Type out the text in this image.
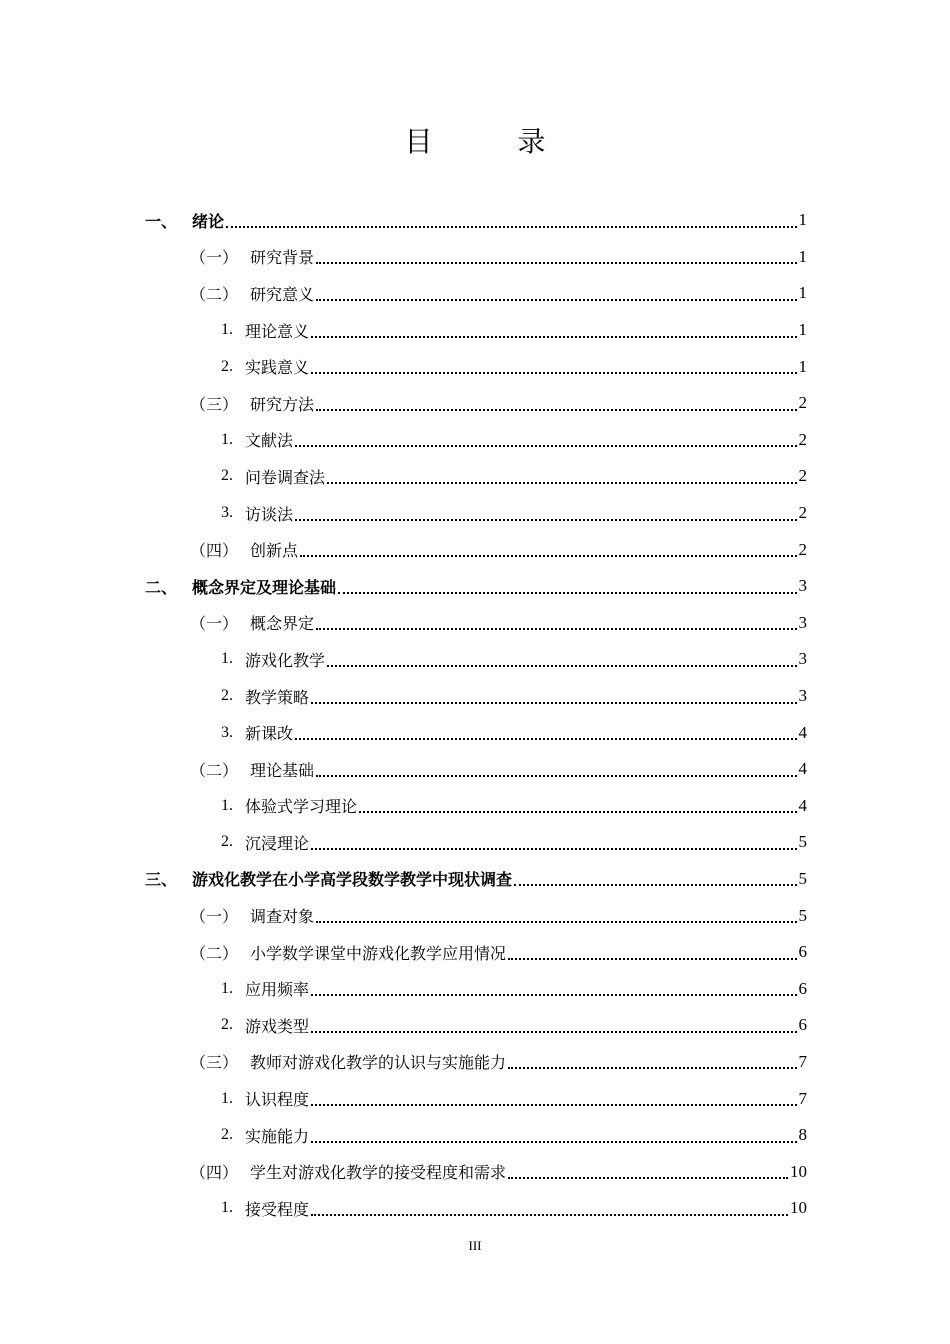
目 录
一、 绪论	1
（一） 研究背景	1
（二） 研究意义	1
1. 理论意义	1
2. 实践意义	1
（三） 研究方法	2
1. 文献法	2
2. 问卷调查法	2
3. 访谈法	2
（四） 创新点	2
二、 概念界定及理论基础	3
（一） 概念界定	3
1. 游戏化教学	3
2. 教学策略	3
3. 新课改	4
（二） 理论基础	4
1. 体验式学习理论	4
2. 沉浸理论	5
三、 游戏化教学在小学高学段数学教学中现状调查	5
（一） 调查对象	5
（二） 小学数学课堂中游戏化教学应用情况	6
1. 应用频率	6
2. 游戏类型	6
（三） 教师对游戏化教学的认识与实施能力	7
1. 认识程度	7
2. 实施能力	8
（四） 学生对游戏化教学的接受程度和需求	10
1. 接受程度	10
III
